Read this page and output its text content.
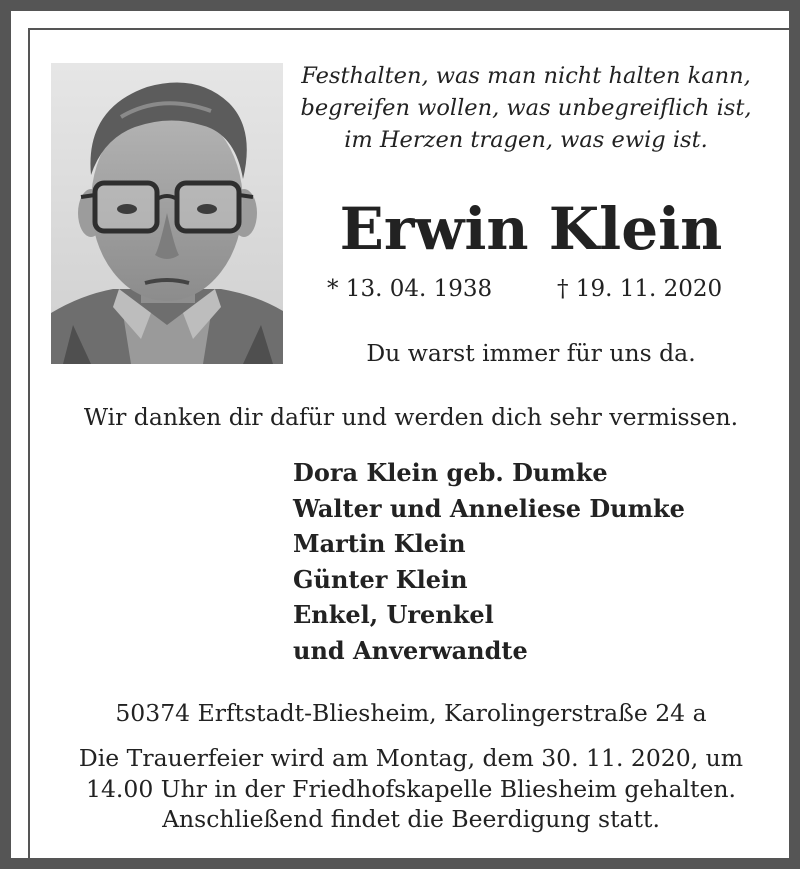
Festhalten, was man nicht halten kann,
begreifen wollen, was unbegreiflich ist,
im Herzen tragen, was ewig ist.
Erwin Klein
* 13. 04. 1938	† 19. 11. 2020
Du warst immer für uns da.
Wir danken dir dafür und werden dich sehr vermissen.
Dora Klein geb. Dumke
Walter und Anneliese Dumke
Martin Klein
Günter Klein
Enkel, Urenkel
und Anverwandte
50374 Erftstadt-Bliesheim, Karolingerstraße 24 a
Die Trauerfeier wird am Montag, dem 30. 11. 2020, um
14.00 Uhr in der Friedhofskapelle Bliesheim gehalten.
Anschließend findet die Beerdigung statt.
